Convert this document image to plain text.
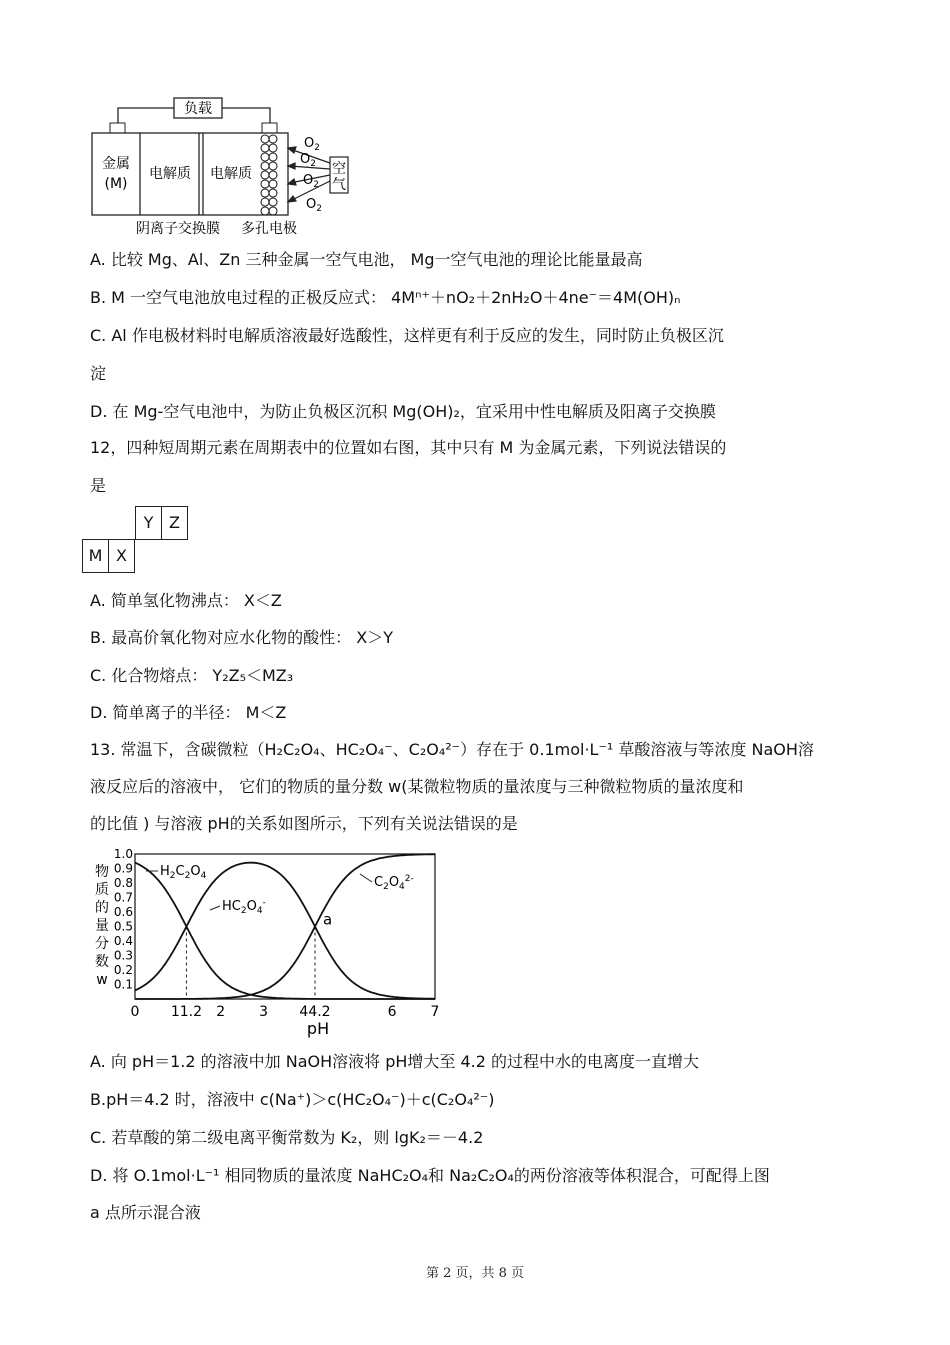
负载
金属
(M)
电解质 电解质
$O_2$
$O_2$
$O_2$
$O_2$
空
气
阴离子交换膜 多孔电极
A. 比较 Mg、Al、Zn 三种金属一空气电池， Mg一空气电池的理论比能量最高
B. M 一空气电池放电过程的正极反应式： 4Mⁿ⁺＋nO₂＋2nH₂O＋4ne⁻＝4M(OH)ₙ
C. Al 作电极材料时电解质溶液最好选酸性，这样更有利于反应的发生，同时防止负极区沉
淀
D. 在 Mg-空气电池中，为防止负极区沉积 Mg(OH)₂，宜采用中性电解质及阳离子交换膜
12，四种短周期元素在周期表中的位置如右图，其中只有 M 为金属元素，下列说法错误的
是
Y Z
M X
A. 简单氢化物沸点： X＜Z
B. 最高价氧化物对应水化物的酸性： X＞Y
C. 化合物熔点： Y₂Z₅＜MZ₃
D. 简单离子的半径： M＜Z
13. 常温下，含碳微粒（H₂C₂O₄、HC₂O₄⁻、C₂O₄²⁻）存在于 0.1mol·L⁻¹ 草酸溶液与等浓度 NaOH溶
液反应后的溶液中， 它们的物质的量分数 w(某微粒物质的量浓度与三种微粒物质的量浓度和
的比值 ) 与溶液 pH的关系如图所示，下列有关说法错误的是
物
质
的
量
分
数
w 0.1
0.2
0.3
0.4
0.5
0.6
0.7
0.8
0.9
1.0
0 11.2 2 3 44.2	6 7
$H_2C_2O_4$
$HC_2O_4^-$
$C_2O_4^{2-}$
a
pH
A. 向 pH＝1.2 的溶液中加 NaOH溶液将 pH增大至 4.2 的过程中水的电离度一直增大
B.pH＝4.2 时，溶液中 c(Na⁺)＞c(HC₂O₄⁻)＋c(C₂O₄²⁻)
C. 若草酸的第二级电离平衡常数为 K₂，则 lgK₂＝－4.2
D. 将 O.1mol·L⁻¹ 相同物质的量浓度 NaHC₂O₄和 Na₂C₂O₄的两份溶液等体积混合，可配得上图
a 点所示混合液
第 2 页，共 8 页
